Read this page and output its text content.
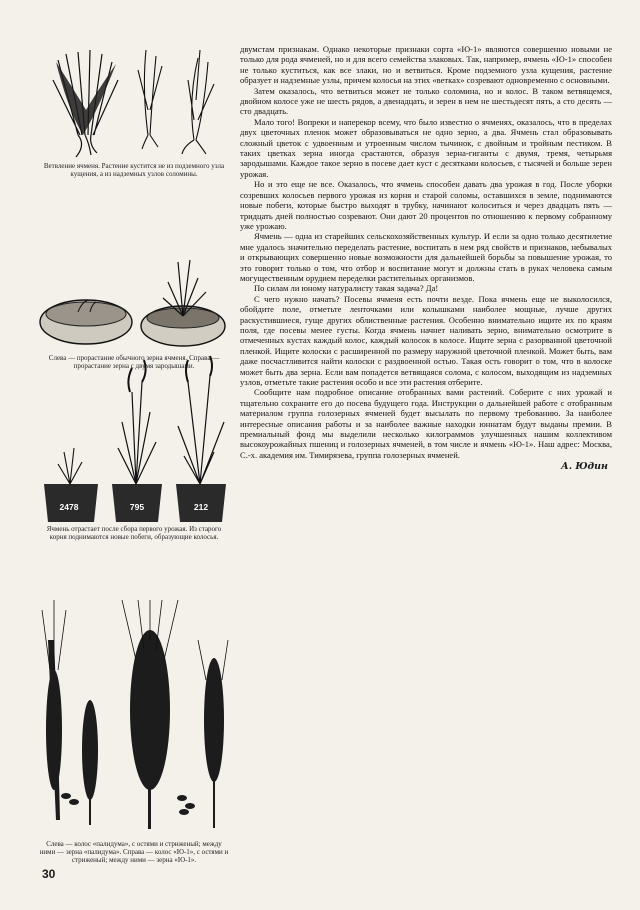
Ветвление ячменя. Растение кустится не из подземного узла кущения, а из надземных узлов соломины.

Слева — прорастание обычного зерна ячменя. Справа — прорастание зерна с двумя зародышами.

2478	795	212

Ячмень отрастает после сбора первого урожая. Из старого корня поднимаются новые побеги, образующие колосья.

Слева — колос «палидума», с остями и стриженый; между ними — зерна «палидума». Справа — колос «Ю-1», с остями и стриженый; между ними — зерна «Ю-1».

двумстам признакам. Однако некоторые признаки сорта «Ю-1» являются совершенно новыми не только для рода ячменей, но и для всего семейства злаковых. Так, например, ячмень «Ю-1» способен не только куститься, как все злаки, но и ветвиться. Кроме подземного узла кущения, растение образует и надземные узлы, причем колосья на этих «ветках» созревают одновременно с основными.

Затем оказалось, что ветвиться может не только соломина, но и колос. В таком ветвящемся, двойном колосе уже не шесть рядов, а двенадцать, и зерен в нем не шестьдесят пять, а сто десять — сто двадцать.

Мало того! Вопреки и наперекор всему, что было известно о ячменях, оказалось, что в пределах двух цветочных пленок может образовываться не одно зерно, а два. Ячмень стал образовывать сложный цветок с удвоенным и утроенным числом тычинок, с двойным и тройным пестиком. В таких цветках зерна иногда срастаются, образуя зерна-гиганты с двумя, тремя, четырьмя зародышами. Каждое такое зерно в посеве дает куст с десятками колосьев, с тысячей и больше зерен урожая.

Но и это еще не все. Оказалось, что ячмень способен давать два урожая в год. После уборки созревших колосьев первого урожая из корня и старой соломы, оставшихся в земле, поднимаются новые побеги, которые быстро выходят в трубку, начинают колоситься и через двадцать пять — тридцать дней полностью созревают. Они дают 20 процентов по отношению к первому собранному уже урожаю.

Ячмень — одна из старейших сельскохозяйственных культур. И если за одно только десятилетие мне удалось значительно переделать растение, воспитать в нем ряд свойств и признаков, небывалых и открывающих совершенно новые возможности для дальнейшей борьбы за повышение урожая, то это говорит только о том, что отбор и воспитание могут и должны стать в руках человека самым могущественным орудием переделки растительных организмов.

По силам ли юному натуралисту такая задача? Да!

С чего нужно начать? Посевы ячменя есть почти везде. Пока ячмень еще не выколосился, обойдите поле, отметьте ленточками или колышками наиболее мощные, лучше других раскустившиеся, гуще других облиственные растения. Особенно внимательно ищите их по краям поля, где посевы менее густы. Когда ячмень начнет наливать зерно, внимательно осмотрите в отмеченных кустах каждый колос, каждый колосок в колосе. Ищите зерна с разорванной цветочной пленкой. Ищите колоски с расширенной по размеру наружной цветочной пленкой. Может быть, вам даже посчастливится найти колоски с раздвоенной остью. Такая ость говорит о том, что в колоске может быть два зерна. Если вам попадется ветвящаяся солома, с колосом, выходящим из надземных узлов, отметьте такие растения особо и все эти растения отберите.

Сообщите нам подробное описание отобранных вами растений. Соберите с них урожай и тщательно сохраните его до посева будущего года. Инструкции о дальнейшей работе с отобранным материалом группа голозерных ячменей будет высылать по первому требованию. За наиболее интересные описания работы и за наиболее важные находки юннатам будут выданы премии. В премиальный фонд мы выделили несколько килограммов улучшенных нашим коллективом высокоурожайных пшениц и голозерных ячменей, в том числе и ячмень «Ю-1». Наш адрес: Москва, С.-х. академия им. Тимирязева, группа голозерных ячменей.

А. Юдин

30
